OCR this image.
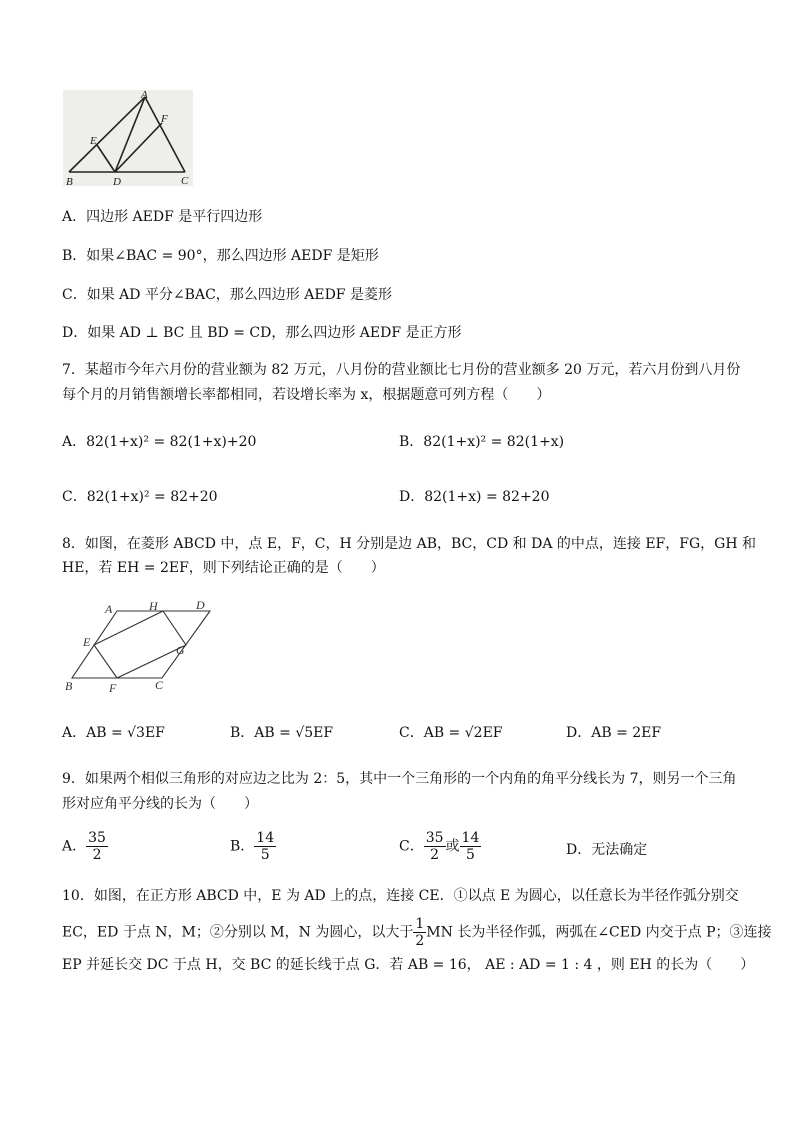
A
E
F
B	D	C
A．四边形 AEDF 是平行四边形
B．如果∠BAC = 90°，那么四边形 AEDF 是矩形
C．如果 AD 平分∠BAC，那么四边形 AEDF 是菱形
D．如果 AD ⊥ BC 且 BD = CD，那么四边形 AEDF 是正方形
7．某超市今年六月份的营业额为 82 万元，八月份的营业额比七月份的营业额多 20 万元，若六月份到八月份
每个月的月销售额增长率都相同，若设增长率为 x，根据题意可列方程（　　）
A．82(1+x)² = 82(1+x)+20	B．82(1+x)² = 82(1+x)
C．82(1+x)² = 82+20	D．82(1+x) = 82+20
8．如图，在菱形 ABCD 中，点 E，F，C，H 分别是边 AB，BC，CD 和 DA 的中点，连接 EF，FG，GH 和
HE，若 EH = 2EF，则下列结论正确的是（　　）
A	H	D
E
G
B	F	C
A．AB = √3EF	B．AB = √5EF	C．AB = √2EF	D．AB = 2EF
9．如果两个相似三角形的对应边之比为 2：5，其中一个三角形的一个内角的角平分线长为 7，则另一个三角
形对应角平分线的长为（　　）
A． $\frac{35}{2}$	B． $\frac{14}{5}$	C． $\frac{35}{2}$ 或 $\frac{14}{5}$	D．无法确定
10．如图，在正方形 ABCD 中，E 为 AD 上的点，连接 CE．①以点 E 为圆心，以任意长为半径作弧分别交
EC，ED 于点 N，M；②分别以 M，N 为圆心，以大于 $\frac{1}{2}$ MN 长为半径作弧，两弧在∠CED 内交于点 P；③连接
EP 并延长交 DC 于点 H，交 BC 的延长线于点 G．若 AB = 16， AE : AD = 1 : 4 ，则 EH 的长为（　　）
